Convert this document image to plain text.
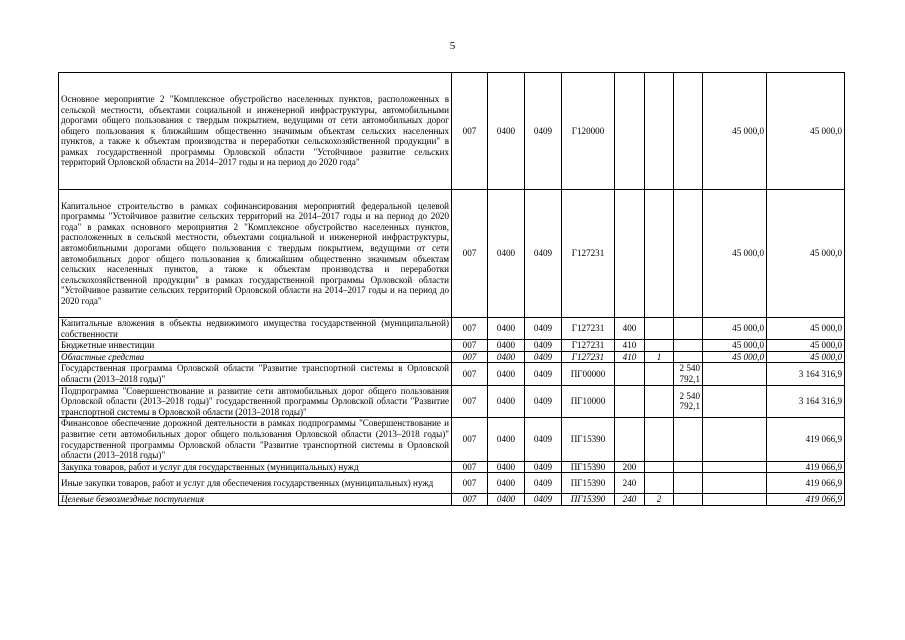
5
Основное мероприятие 2 "Комплексное обустройство населенных пунктов, расположенных в сельской местности, объектами социальной и инженерной инфраструктуры, автомобильными дорогами общего пользования с твердым покрытием, ведущими от сети автомобильных дорог общего пользования к ближайшим общественно значимым объектам сельских населенных пунктов, а также к объектам производства и переработки сельскохозяйственной продукции" в рамках государственной программы Орловской области "Устойчивое развитие сельских территорий Орловской области на 2014–2017 годы и на период до 2020 года"	007	0400	0409	Г120000				45 000,0	45 000,0
Капитальное строительство в рамках софинансирования мероприятий федеральной целевой программы "Устойчивое развитие сельских территорий на 2014–2017 годы и на период до 2020 года" в рамках основного мероприятия 2 "Комплексное обустройство населенных пунктов, расположенных в сельской местности, объектами социальной и инженерной инфраструктуры, автомобильными дорогами общего пользования с твердым покрытием, ведущими от сети автомобильных дорог общего пользования к ближайшим общественно значимым объектам сельских населенных пунктов, а также к объектам производства и переработки сельскохозяйственной продукции" в рамках государственной программы Орловской области "Устойчивое развитие сельских территорий Орловской области на 2014–2017 годы и на период до 2020 года"	007	0400	0409	Г127231				45 000,0	45 000,0
Капитальные вложения в объекты недвижимого имущества государственной (муниципальной) собственности	007	0400	0409	Г127231	400			45 000,0	45 000,0
Бюджетные инвестиции	007	0400	0409	Г127231	410			45 000,0	45 000,0
Областные средства	007	0400	0409	Г127231	410	1		45 000,0	45 000,0
Государственная программа Орловской области "Развитие транспортной системы в Орловской области (2013–2018 годы)"	007	0400	0409	ПГ00000			2 540 792,1		3 164 316,9
Подпрограмма "Совершенствование и развитие сети автомобильных дорог общего пользования Орловской области (2013–2018 годы)" государственной программы Орловской области "Развитие транспортной системы в Орловской области (2013–2018 годы)"	007	0400	0409	ПГ10000			2 540 792,1		3 164 316,9
Финансовое обеспечение дорожной деятельности в рамках подпрограммы "Совершенствование и развитие сети автомобильных дорог общего пользования Орловской области (2013–2018 годы)" государственной программы Орловской области "Развитие транспортной системы в Орловской области (2013–2018 годы)"	007	0400	0409	ПГ15390					419 066,9
Закупка товаров, работ и услуг для государственных (муниципальных) нужд	007	0400	0409	ПГ15390	200				419 066,9
Иные закупки товаров, работ и услуг для обеспечения государственных (муниципальных) нужд	007	0400	0409	ПГ15390	240				419 066,9
Целевые безвозмездные поступления	007	0400	0409	ПГ15390	240	2			419 066,9
